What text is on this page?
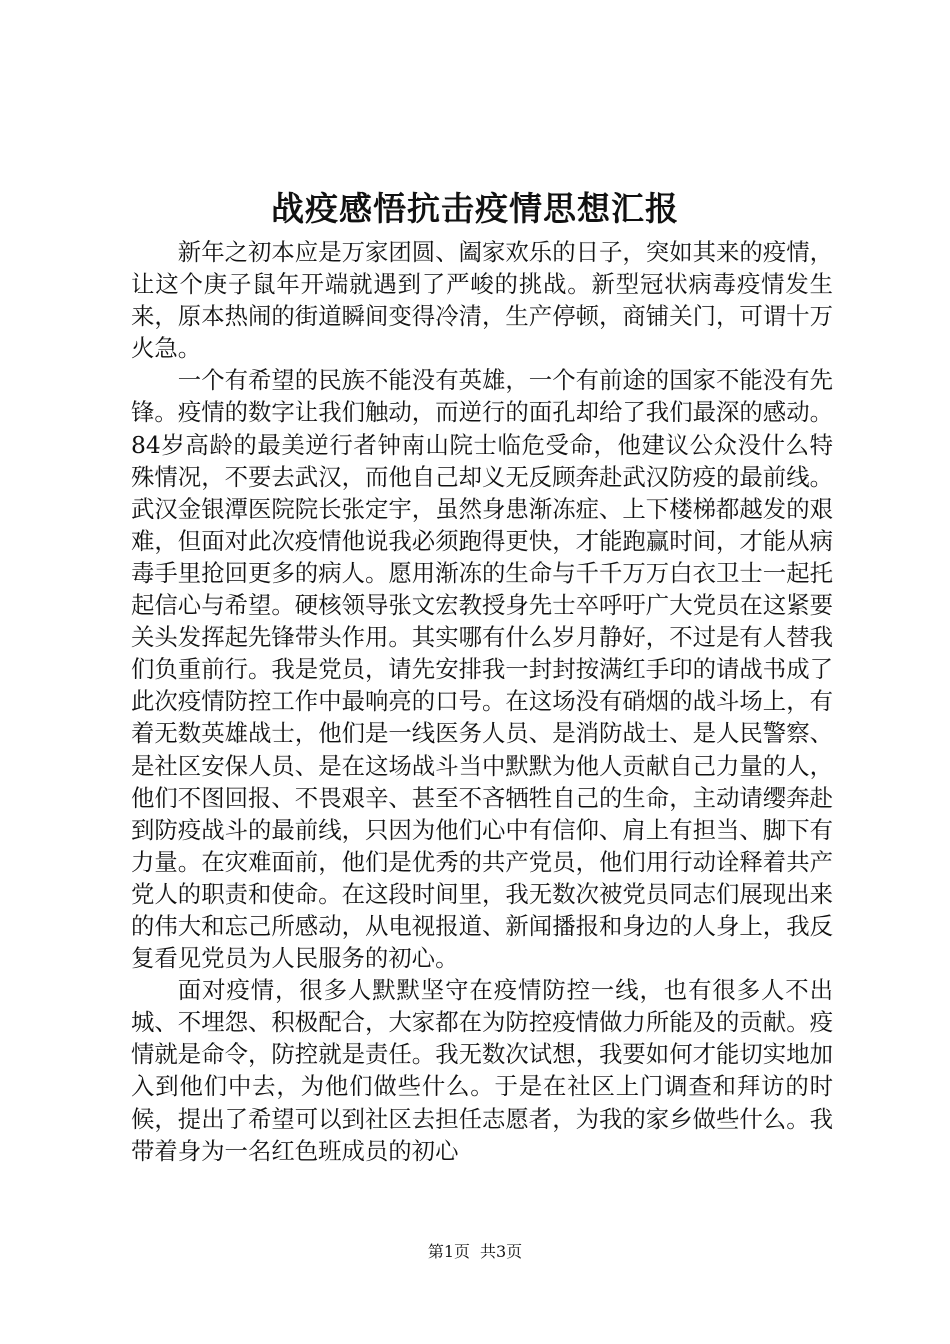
战疫感悟抗击疫情思想汇报

新年之初本应是万家团圆、阖家欢乐的日子，突如其来的疫情，让这个庚子鼠年开端就遇到了严峻的挑战。新型冠状病毒疫情发生来，原本热闹的街道瞬间变得冷清，生产停顿，商铺关门，可谓十万火急。

一个有希望的民族不能没有英雄，一个有前途的国家不能没有先锋。疫情的数字让我们触动，而逆行的面孔却给了我们最深的感动。84岁高龄的最美逆行者钟南山院士临危受命，他建议公众没什么特殊情况，不要去武汉，而他自己却义无反顾奔赴武汉防疫的最前线。武汉金银潭医院院长张定宇，虽然身患渐冻症、上下楼梯都越发的艰难，但面对此次疫情他说我必须跑得更快，才能跑赢时间，才能从病毒手里抢回更多的病人。愿用渐冻的生命与千千万万白衣卫士一起托起信心与希望。硬核领导张文宏教授身先士卒呼吁广大党员在这紧要关头发挥起先锋带头作用。其实哪有什么岁月静好，不过是有人替我们负重前行。我是党员，请先安排我一封封按满红手印的请战书成了此次疫情防控工作中最响亮的口号。在这场没有硝烟的战斗场上，有着无数英雄战士，他们是一线医务人员、是消防战士、是人民警察、是社区安保人员、是在这场战斗当中默默为他人贡献自己力量的人，他们不图回报、不畏艰辛、甚至不吝牺牲自己的生命，主动请缨奔赴到防疫战斗的最前线，只因为他们心中有信仰、肩上有担当、脚下有力量。在灾难面前，他们是优秀的共产党员，他们用行动诠释着共产党人的职责和使命。在这段时间里，我无数次被党员同志们展现出来的伟大和忘己所感动，从电视报道、新闻播报和身边的人身上，我反复看见党员为人民服务的初心。

面对疫情，很多人默默坚守在疫情防控一线，也有很多人不出城、不埋怨、积极配合，大家都在为防控疫情做力所能及的贡献。疫情就是命令，防控就是责任。我无数次试想，我要如何才能切实地加入到他们中去，为他们做些什么。于是在社区上门调查和拜访的时候，提出了希望可以到社区去担任志愿者，为我的家乡做些什么。我带着身为一名红色班成员的初心

第1页 共3页
